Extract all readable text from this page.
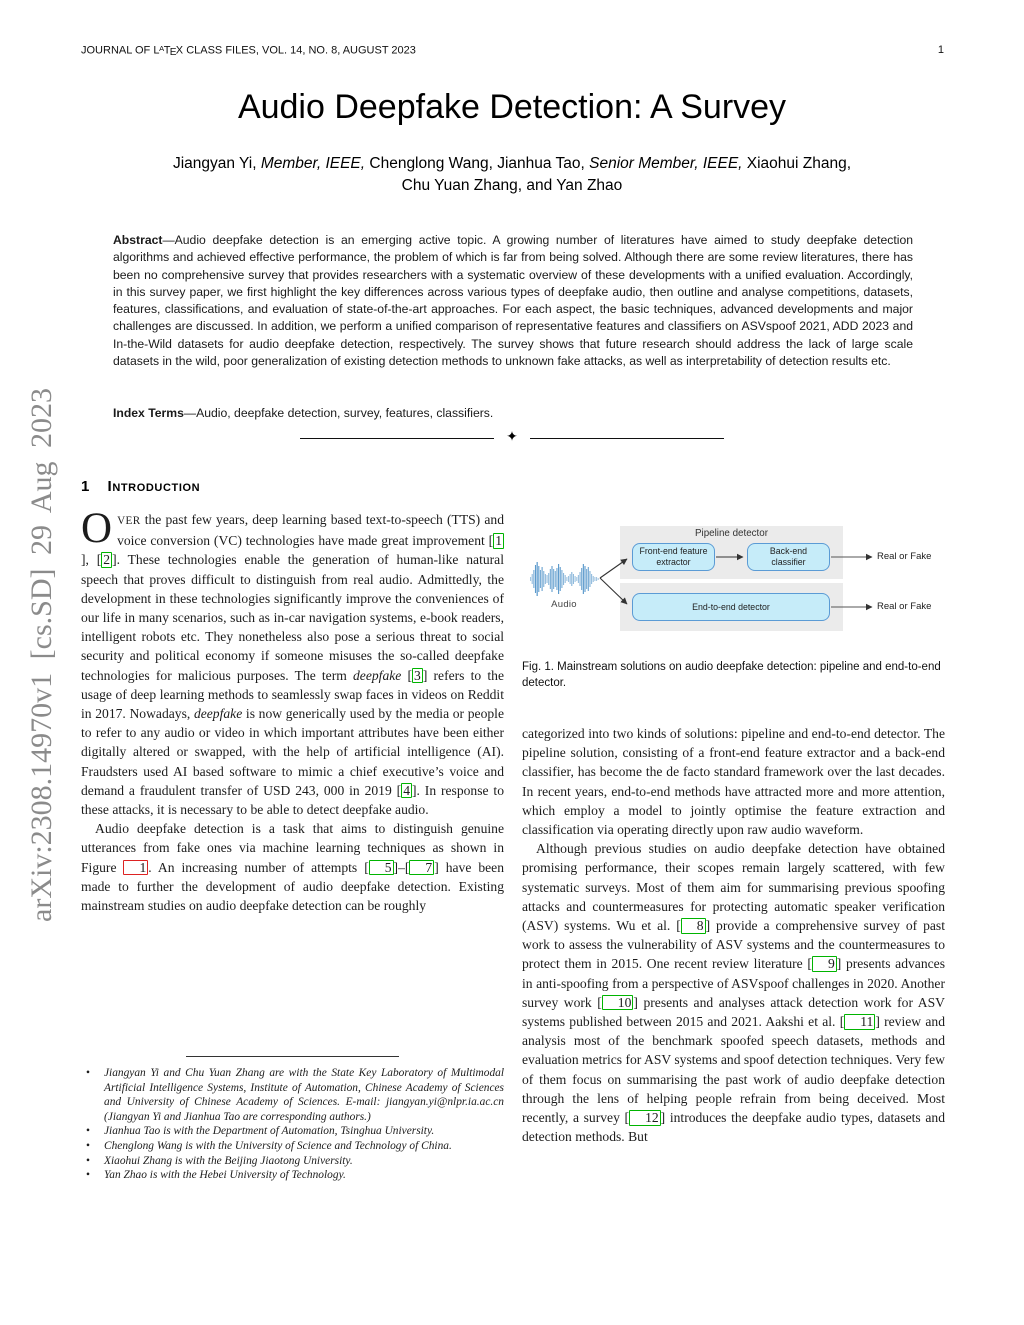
JOURNAL OF $L^ATEX$ CLASS FILES, VOL. 14, NO. 8, AUGUST 2023	1
arXiv:2308.14970v1 [cs.SD] 29 Aug 2023
Audio Deepfake Detection: A Survey
Jiangyan Yi, Member, IEEE, Chenglong Wang, Jianhua Tao, Senior Member, IEEE, Xiaohui Zhang,
Chu Yuan Zhang, and Yan Zhao
Abstract—Audio deepfake detection is an emerging active topic. A growing number of literatures have aimed to study deepfake detection algorithms and achieved effective performance, the problem of which is far from being solved. Although there are some review literatures, there has been no comprehensive survey that provides researchers with a systematic overview of these developments with a unified evaluation. Accordingly, in this survey paper, we first highlight the key differences across various types of deepfake audio, then outline and analyse competitions, datasets, features, classifications, and evaluation of state-of-the-art approaches. For each aspect, the basic techniques, advanced developments and major challenges are discussed. In addition, we perform a unified comparison of representative features and classifiers on ASVspoof 2021, ADD 2023 and In-the-Wild datasets for audio deepfake detection, respectively. The survey shows that future research should address the lack of large scale datasets in the wild, poor generalization of existing detection methods to unknown fake attacks, as well as interpretability of detection results etc.
Index Terms—Audio, deepfake detection, survey, features, classifiers.
✦
1 Introduction

OVER the past few years, deep learning based text-to-speech (TTS) and voice conversion (VC) technologies have made great improvement [ 1], [ 2 ]. These technologies enable the generation of human-like natural speech that proves difficult to distinguish from real audio. Admittedly, the development in these technologies significantly improve the conveniences of our life in many scenarios, such as in-car navigation systems, e-book readers, intelligent robots etc. They nonetheless also pose a serious threat to social security and political economy if someone misuses the so-called deepfake technologies for malicious purposes. The term deepfake [ 3 ] refers to the usage of deep learning methods to seamlessly swap faces in videos on Reddit in 2017. Nowadays, deepfake is now generically used by the media or people to refer to any audio or video in which important attributes have been either digitally altered or swapped, with the help of artificial intelligence (AI). Fraudsters used AI based software to mimic a chief executive’s voice and demand a fraudulent transfer of USD 243, 000 in 2019 [ 4 ]. In response to these attacks, it is necessary to be able to detect deepfake audio.

Audio deepfake detection is a task that aims to distinguish genuine utterances from fake ones via machine learning techniques as shown in Figure 1 . An increasing number of attempts [ 5 ]–[ 7 ] have been made to further the development of audio deepfake detection. Existing mainstream studies on audio deepfake detection can be roughly

Pipeline detector
Audio
Front-end feature extractor
Back-end classifier
End-to-end detector
Real or Fake
Real or Fake
Fig. 1. Mainstream solutions on audio deepfake detection: pipeline and end-to-end detector.

categorized into two kinds of solutions: pipeline and end-to-end detector. The pipeline solution, consisting of a front-end feature extractor and a back-end classifier, has become the de facto standard framework over the last decades. In recent years, end-to-end methods have attracted more and more attention, which employ a model to jointly optimise the feature extraction and classification via operating directly upon raw audio waveform.

Although previous studies on audio deepfake detection have obtained promising performance, their scopes remain largely scattered, with few systematic surveys. Most of them aim for summarising previous spoofing attacks and countermeasures for protecting automatic speaker verification (ASV) systems. Wu et al. [ 8 ] provide a comprehensive survey of past work to assess the vulnerability of ASV systems and the countermeasures to protect them in 2015. One recent review literature [ 9 ] presents advances in anti-spoofing from a perspective of ASVspoof challenges in 2020. Another survey work [ 10 ] presents and analyses attack detection work for ASV systems published between 2015 and 2021. Aakshi et al. [ 11 ] review and analysis most of the benchmark spoofed speech datasets, methods and evaluation metrics for ASV systems and spoof detection techniques. Very few of them focus on summarising the past work of audio deepfake detection through the lens of helping people refrain from being deceived. Most recently, a survey [ 12 ] introduces the deepfake audio types, datasets and detection methods. But

• Jiangyan Yi and Chu Yuan Zhang are with the State Key Laboratory of Multimodal Artificial Intelligence Systems, Institute of Automation, Chinese Academy of Sciences and University of Chinese Academy of Sciences. E-mail: jiangyan.yi@nlpr.ia.ac.cn (Jiangyan Yi and Jianhua Tao are corresponding authors.)
• Jianhua Tao is with the Department of Automation, Tsinghua University.
• Chenglong Wang is with the University of Science and Technology of China.
• Xiaohui Zhang is with the Beijing Jiaotong University.
• Yan Zhao is with the Hebei University of Technology.
